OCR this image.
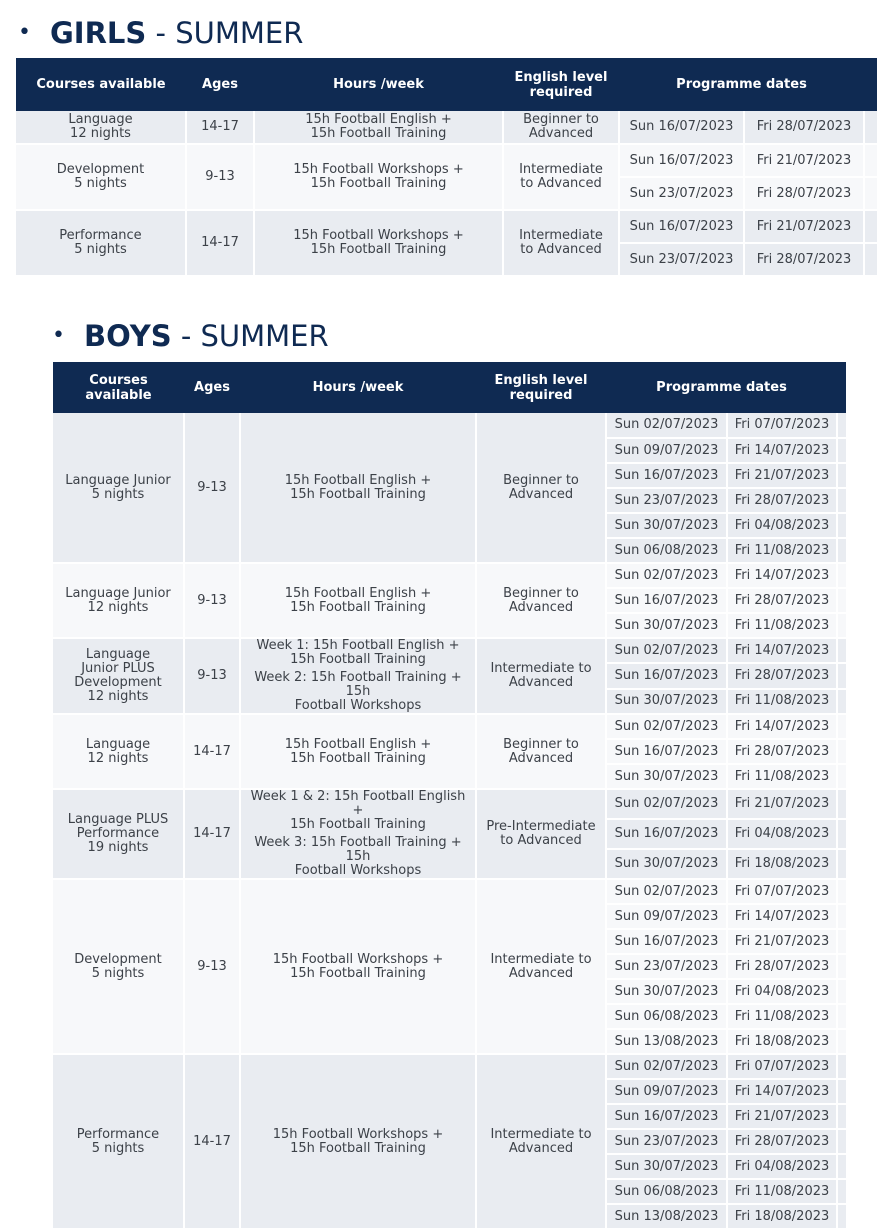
• GIRLS - SUMMER
Courses available	Ages	Hours /week	English level required	Programme dates		
Language
12 nights	14-17	15h Football English +
15h Football Training	Beginner to
Advanced	Sun 16/07/2023	Fri 28/07/2023	
Development
5 nights	9-13	15h Football Workshops +
15h Football Training	Intermediate
to Advanced	Sun 16/07/2023	Fri 21/07/2023	
				Sun 23/07/2023	Fri 28/07/2023	
Performance
5 nights	14-17	15h Football Workshops +
15h Football Training	Intermediate
to Advanced	Sun 16/07/2023	Fri 21/07/2023	
				Sun 23/07/2023	Fri 28/07/2023	
• BOYS - SUMMER
Courses available	Ages	Hours /week	English level required	Programme dates		
Language Junior
5 nights	9-13	15h Football English +
15h Football Training	Beginner to
Advanced	Sun 02/07/2023	Fri 07/07/2023	
				Sun 09/07/2023	Fri 14/07/2023	
				Sun 16/07/2023	Fri 21/07/2023	
				Sun 23/07/2023	Fri 28/07/2023	
				Sun 30/07/2023	Fri 04/08/2023	
				Sun 06/08/2023	Fri 11/08/2023	
Language Junior
12 nights	9-13	15h Football English +
15h Football Training	Beginner to
Advanced	Sun 02/07/2023	Fri 14/07/2023	
				Sun 16/07/2023	Fri 28/07/2023	
				Sun 30/07/2023	Fri 11/08/2023	
Language
Junior PLUS
Development
12 nights	9-13	Week 1: 15h Football English +
15h Football Training
Week 2: 15h Football Training + 15h
Football Workshops	Intermediate to
Advanced	Sun 02/07/2023	Fri 14/07/2023	
				Sun 16/07/2023	Fri 28/07/2023	
				Sun 30/07/2023	Fri 11/08/2023	
Language
12 nights	14-17	15h Football English +
15h Football Training	Beginner to
Advanced	Sun 02/07/2023	Fri 14/07/2023	
				Sun 16/07/2023	Fri 28/07/2023	
				Sun 30/07/2023	Fri 11/08/2023	
Language PLUS
Performance
19 nights	14-17	Week 1 & 2: 15h Football English +
15h Football Training
Week 3: 15h Football Training + 15h
Football Workshops	Pre-Intermediate
to Advanced	Sun 02/07/2023	Fri 21/07/2023	
				Sun 16/07/2023	Fri 04/08/2023	
				Sun 30/07/2023	Fri 18/08/2023	
Development
5 nights	9-13	15h Football Workshops +
15h Football Training	Intermediate to
Advanced	Sun 02/07/2023	Fri 07/07/2023	
				Sun 09/07/2023	Fri 14/07/2023	
				Sun 16/07/2023	Fri 21/07/2023	
				Sun 23/07/2023	Fri 28/07/2023	
				Sun 30/07/2023	Fri 04/08/2023	
				Sun 06/08/2023	Fri 11/08/2023	
				Sun 13/08/2023	Fri 18/08/2023	
Performance
5 nights	14-17	15h Football Workshops +
15h Football Training	Intermediate to
Advanced	Sun 02/07/2023	Fri 07/07/2023	
				Sun 09/07/2023	Fri 14/07/2023	
				Sun 16/07/2023	Fri 21/07/2023	
				Sun 23/07/2023	Fri 28/07/2023	
				Sun 30/07/2023	Fri 04/08/2023	
				Sun 06/08/2023	Fri 11/08/2023	
				Sun 13/08/2023	Fri 18/08/2023	
